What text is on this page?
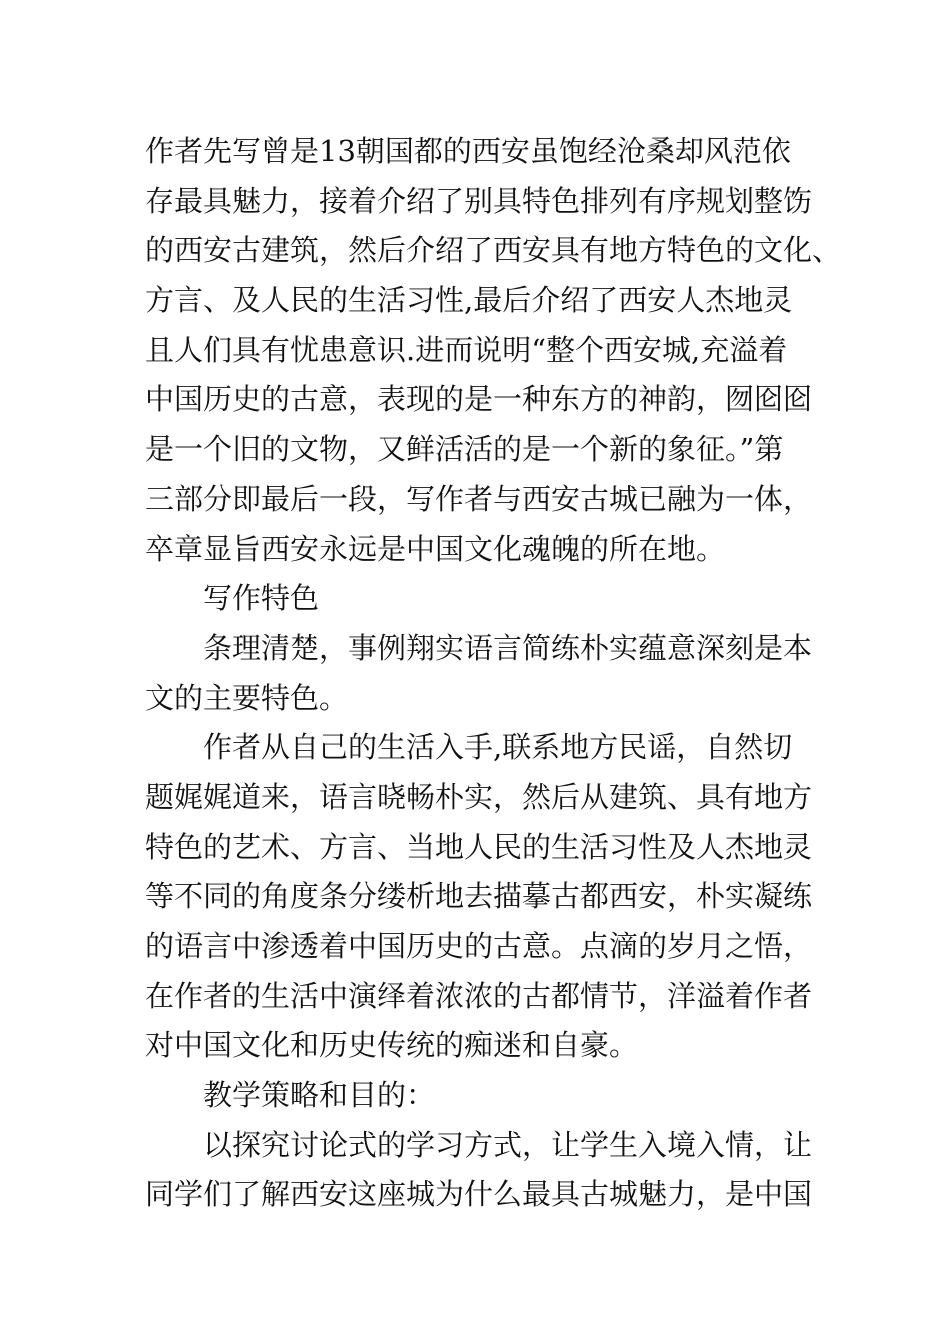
作者先写曾是13朝国都的西安虽饱经沧桑却风范依
存最具魅力，接着介绍了别具特色排列有序规划整饬
的西安古建筑，然后介绍了西安具有地方特色的文化、
方言、及人民的生活习性,最后介绍了西安人杰地灵
且人们具有忧患意识.进而说明“整个西安城,充溢着
中国历史的古意，表现的是一种东方的神韵，囫囵囵
是一个旧的文物，又鲜活活的是一个新的象征。”第
三部分即最后一段，写作者与西安古城已融为一体，
卒章显旨西安永远是中国文化魂魄的所在地。
写作特色
条理清楚，事例翔实语言简练朴实蕴意深刻是本
文的主要特色。
作者从自己的生活入手,联系地方民谣，自然切
题娓娓道来，语言晓畅朴实，然后从建筑、具有地方
特色的艺术、方言、当地人民的生活习性及人杰地灵
等不同的角度条分缕析地去描摹古都西安，朴实凝练
的语言中渗透着中国历史的古意。点滴的岁月之悟，
在作者的生活中演绎着浓浓的古都情节，洋溢着作者
对中国文化和历史传统的痴迷和自豪。
教学策略和目的：
以探究讨论式的学习方式，让学生入境入情，让
同学们了解西安这座城为什么最具古城魅力，是中国
